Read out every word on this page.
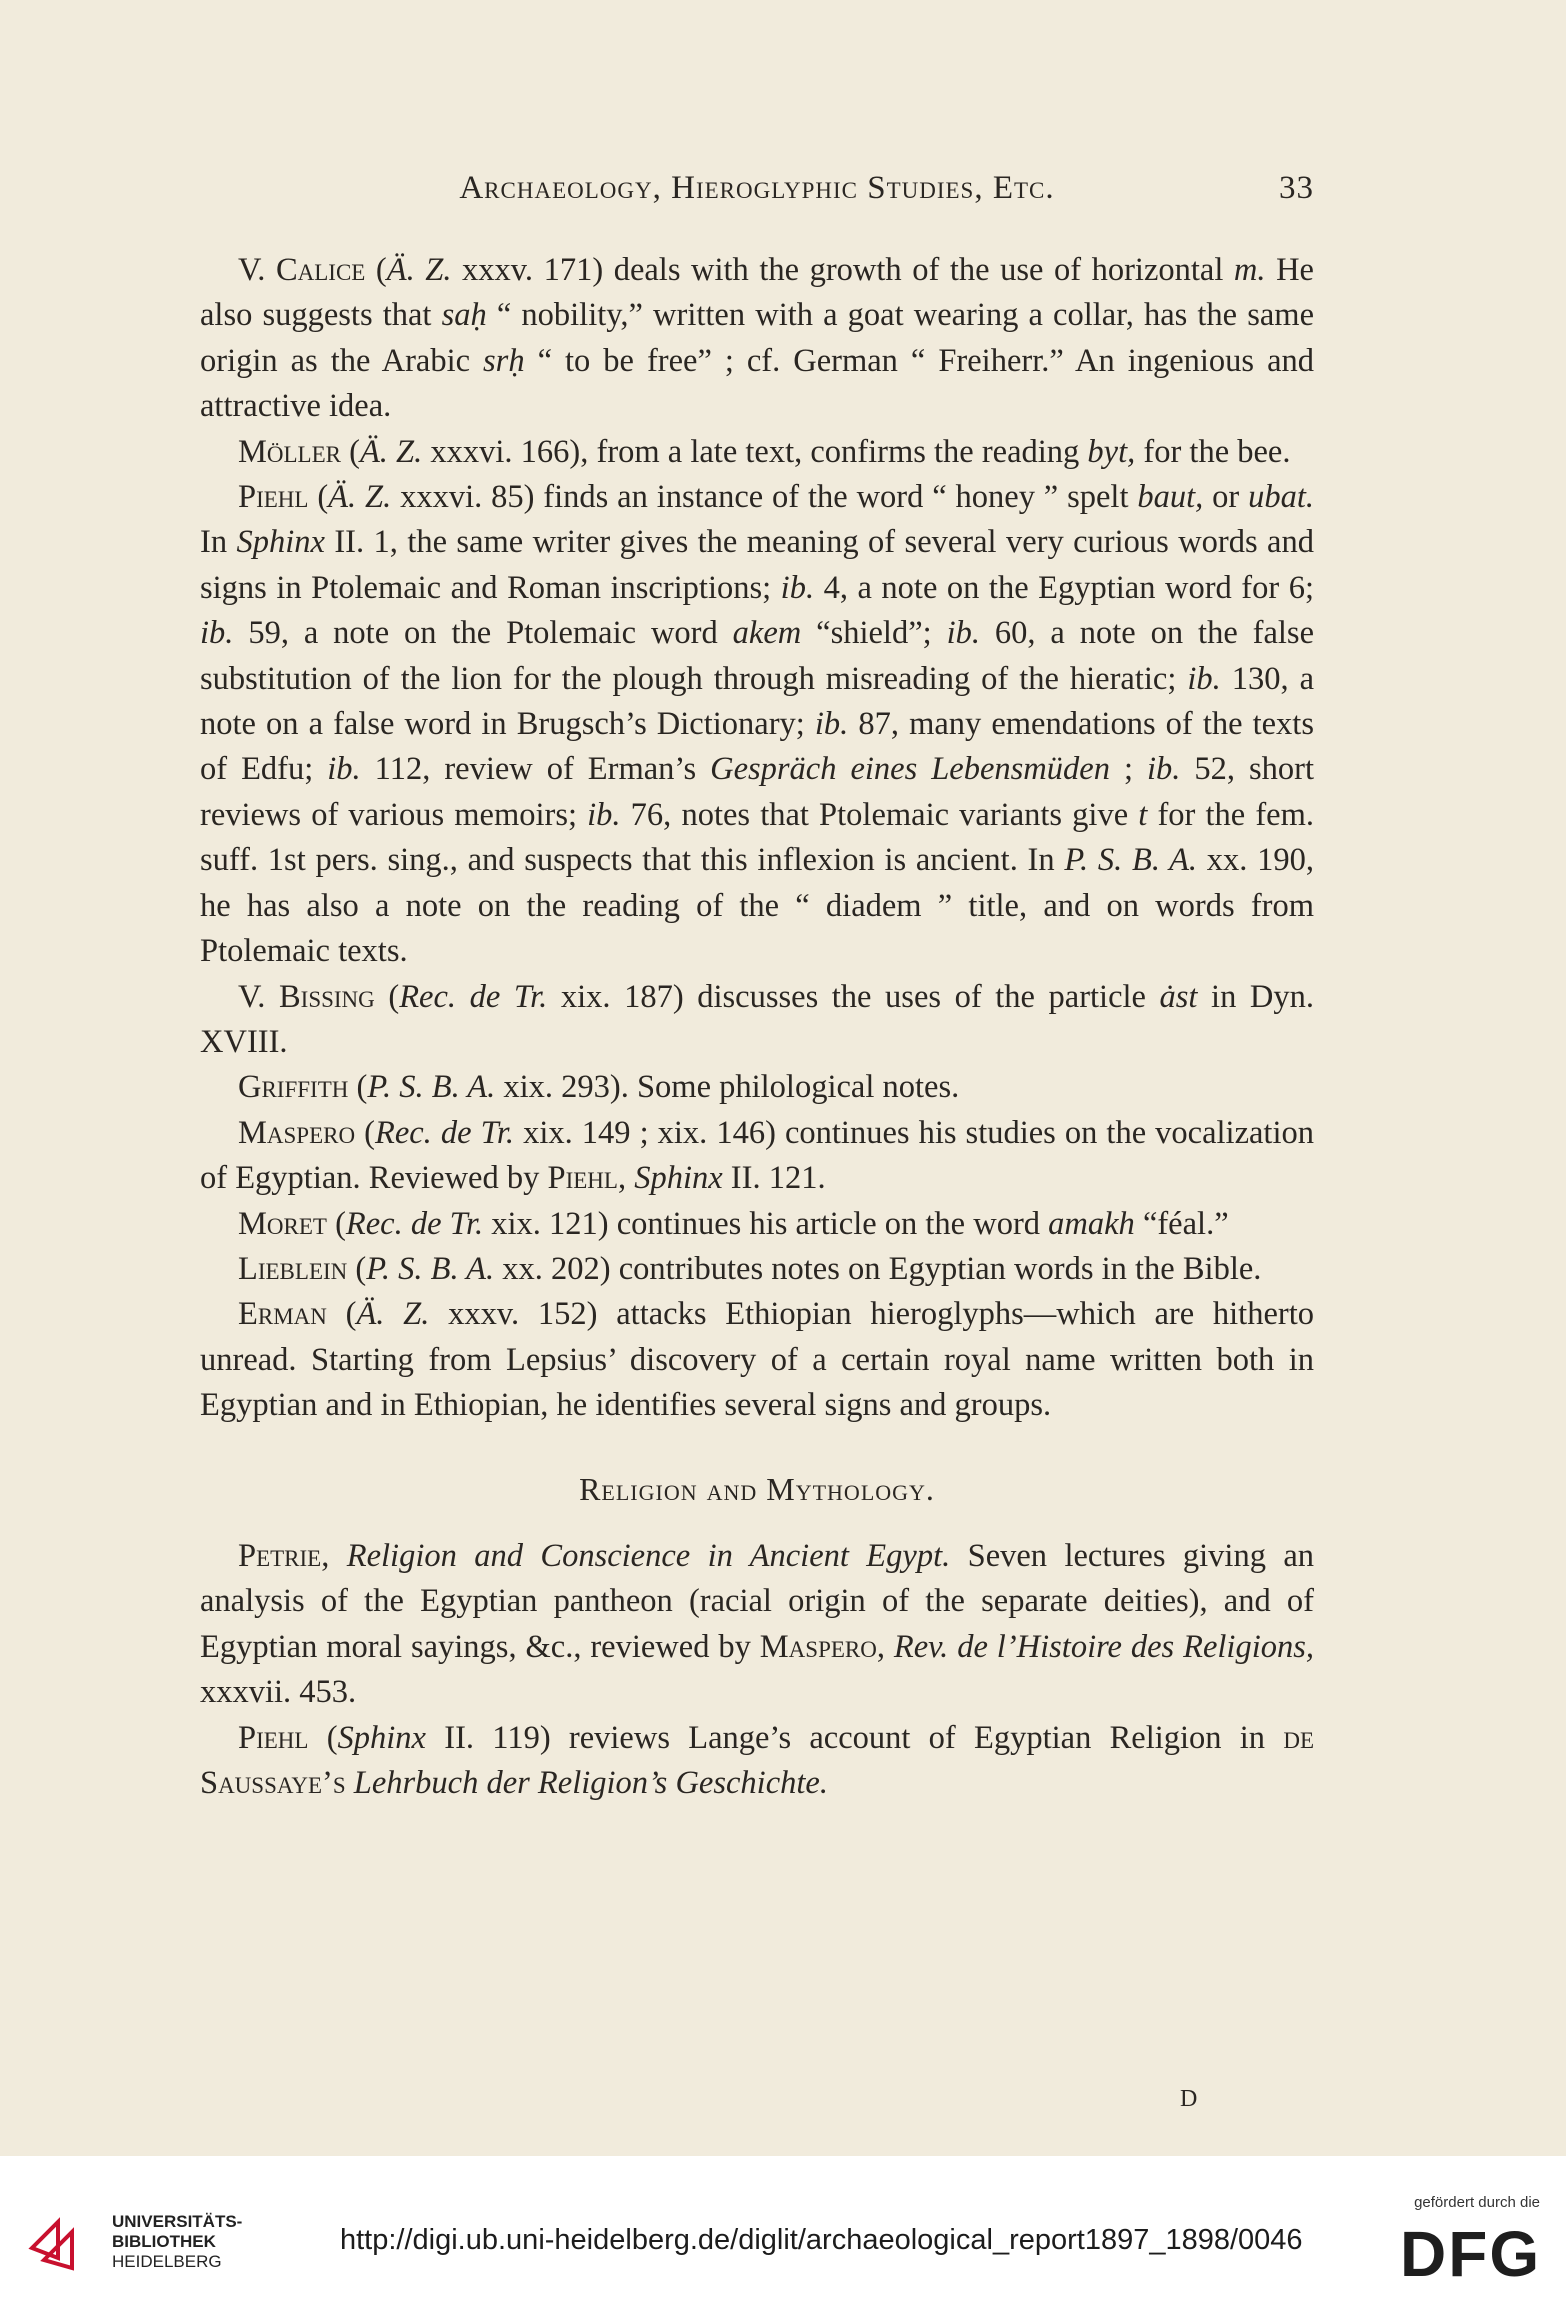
Archaeology, Hieroglyphic Studies, Etc.	33

V. Calice (Ä. Z. xxxv. 171) deals with the growth of the use of horizontal m. He also suggests that saḥ “ nobility,” written with a goat wearing a collar, has the same origin as the Arabic srḥ “ to be free” ; cf. German “ Freiherr.” An ingenious and attractive idea.

Möller (Ä. Z. xxxvi. 166), from a late text, confirms the reading byt, for the bee.

Piehl (Ä. Z. xxxvi. 85) finds an instance of the word “ honey ” spelt baut, or ubat. In Sphinx II. 1, the same writer gives the meaning of several very curious words and signs in Ptolemaic and Roman inscriptions; ib. 4, a note on the Egyptian word for 6; ib. 59, a note on the Ptolemaic word akem “shield”; ib. 60, a note on the false substitution of the lion for the plough through misreading of the hieratic; ib. 130, a note on a false word in Brugsch’s Dictionary; ib. 87, many emendations of the texts of Edfu; ib. 112, review of Erman’s Gespräch eines Lebensmüden ; ib. 52, short reviews of various memoirs; ib. 76, notes that Ptolemaic variants give t for the fem. suff. 1st pers. sing., and suspects that this inflexion is ancient. In P. S. B. A. xx. 190, he has also a note on the reading of the “ diadem ” title, and on words from Ptolemaic texts.

V. Bissing (Rec. de Tr. xix. 187) discusses the uses of the particle ȧst in Dyn. XVIII.

Griffith (P. S. B. A. xix. 293). Some philological notes.

Maspero (Rec. de Tr. xix. 149 ; xix. 146) continues his studies on the vocalization of Egyptian. Reviewed by Piehl, Sphinx II. 121.

Moret (Rec. de Tr. xix. 121) continues his article on the word amakh “féal.”

Lieblein (P. S. B. A. xx. 202) contributes notes on Egyptian words in the Bible.

Erman (Ä. Z. xxxv. 152) attacks Ethiopian hieroglyphs—which are hitherto unread. Starting from Lepsius’ discovery of a certain royal name written both in Egyptian and in Ethiopian, he identifies several signs and groups.

Religion and Mythology.

Petrie, Religion and Conscience in Ancient Egypt. Seven lectures giving an analysis of the Egyptian pantheon (racial origin of the separate deities), and of Egyptian moral sayings, &c., reviewed by Maspero, Rev. de l’Histoire des Religions, xxxvii. 453.

Piehl (Sphinx II. 119) reviews Lange’s account of Egyptian Religion in de Saussaye’s Lehrbuch der Religion’s Geschichte.

D
UNIVERSITÄTS-
BIBLIOTHEK
HEIDELBERG
http://digi.ub.uni-heidelberg.de/diglit/archaeological_report1897_1898/0046
gefördert durch die
DFG
